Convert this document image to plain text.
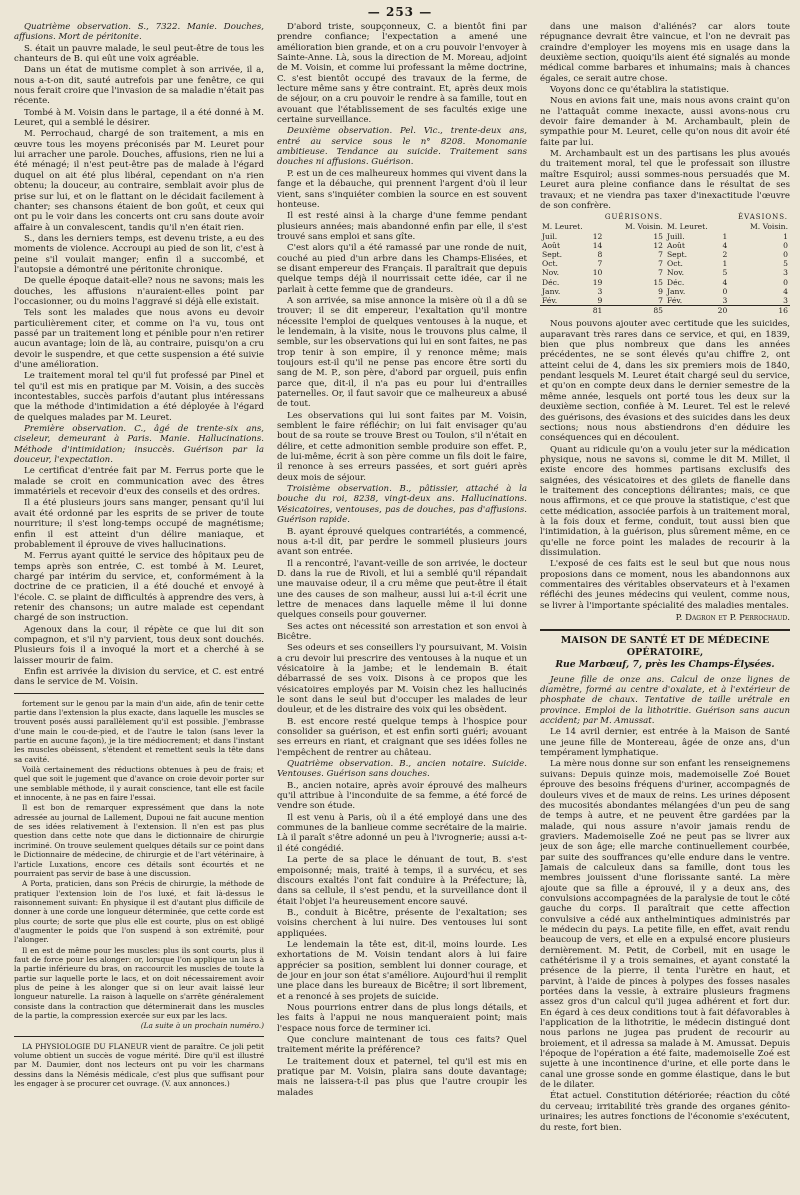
— 253 —

Quatrième observation. S., 7322. Manie. Douches, affusions. Mort de péritonite.

S. était un pauvre malade, le seul peut-être de tous les chanteurs de B. qui eût une voix agréable.

Dans un état de mutisme complet à son arrivée, il a, nous a-t-on dit, sauté autrefois par une fenêtre, ce qui nous ferait croire que l'invasion de sa maladie n'était pas récente.

Tombé à M. Voisin dans le partage, il a été donné à M. Leuret, qui a semblé le désirer.

M. Perrochaud, chargé de son traitement, a mis en œuvre tous les moyens préconisés par M. Leuret pour lui arracher une parole. Douches, affusions, rien ne lui a été ménagé; il n'est peut-être pas de malade à l'égard duquel on ait été plus libéral, cependant on n'a rien obtenu; la douceur, au contraire, semblait avoir plus de prise sur lui, et on le flattant on le décidait facilement à chanter; ses chansons étaient de bon goût, et ceux qui ont pu le voir dans les concerts ont cru sans doute avoir affaire à un convalescent, tandis qu'il n'en était rien.

S., dans les derniers temps, est devenu triste, a eu des moments de violence. Accroupi au pied de son lit, c'est à peine s'il voulait manger; enfin il a succombé, et l'autopsie a démontré une péritonite chronique.

De quelle époque datait-elle? nous ne savons; mais les douches, les affusions n'auraient-elles point par l'occasionner, ou du moins l'aggravé si déjà elle existait.

Tels sont les malades que nous avons eu devoir particulièrement citer, et comme on l'a vu, tous ont passé par un traitement long et pénible pour n'en retirer aucun avantage; loin de là, au contraire, puisqu'on a cru devoir le suspendre, et que cette suspension a été suivie d'une amélioration.

Le traitement moral tel qu'il fut professé par Pinel et tel qu'il est mis en pratique par M. Voisin, a des succès incontestables, succès parfois d'autant plus intéressans que la méthode d'intimidation a été déployée à l'égard de quelques malades par M. Leuret.

Première observation. C., âgé de trente-six ans, ciseleur, demeurant à Paris. Manie. Hallucinations. Méthode d'intimidation; insuccès. Guérison par la douceur, l'expectation.

Le certificat d'entrée fait par M. Ferrus porte que le malade se croit en communication avec des êtres immatériels et recevoir d'eux des conseils et des ordres.

Il a été plusieurs jours sans manger, pensant qu'il lui avait été ordonné par les esprits de se priver de toute nourriture; il s'est long-temps occupé de magnétisme; enfin il est atteint d'un délire maniaque, et probablement il éprouve de vives hallucinations.

M. Ferrus ayant quitté le service des hôpitaux peu de temps après son entrée, C. est tombé à M. Leuret, chargé par intérim du service, et, conformément à la doctrine de ce praticien, il a été douché et envoyé à l'école. C. se plaint de difficultés à apprendre des vers, à retenir des chansons; un autre malade est cependant chargé de son instruction.

Agenoux dans la cour, il répète ce que lui dit son compagnon, et s'il n'y parvient, tous deux sont douchés. Plusieurs fois il a invoqué la mort et a cherché à se laisser mourir de faim.

Enfin est arrivée la division du service, et C. est entré dans le service de M. Voisin.

fortement sur le genou par la main d'un aide, afin de tenir cette partie dans l'extension la plus exacte, dans laquelle les muscles se trouvent posés aussi parallèlement qu'il est possible. J'embrasse d'une main le cou-de-pied, et de l'autre le talon (sans lever la partie en aucune façon), je la tire médiocrement; et dans l'instant les muscles obéissent, s'étendent et remettent seuls la tête dans sa cavité.

Voilà certainement des réductions obtenues à peu de frais; et quel que soit le jugement que d'avance on croie devoir porter sur une semblable méthode, il y aurait conscience, tant elle est facile et innocente, à ne pas en faire l'essai.

Il est bon de remarquer expressément que dans la note adressée au journal de Lallement, Dupoui ne fait aucune mention de ses idées relativement à l'extension. Il n'en est pas plus question dans cette note que dans le dictionnaire de chirurgie incriminé. On trouve seulement quelques détails sur ce point dans le Dictionnaire de médecine, de chirurgie et de l'art vétérinaire, à l'article Luxations, encore ces détails sont écourtés et ne pourraient pas servir de base à une discussion.

A Porta, praticien, dans son Précis de chirurgie, la méthode de pratiquer l'extension loin de l'os luxé, et fait là-dessus le raisonnement suivant: En physique il est d'autant plus difficile de donner à une corde une longueur déterminée, que cette corde est plus courte; de sorte que plus elle est courte, plus on est obligé d'augmenter le poids que l'on suspend à son extrémité, pour l'alonger.

Il en est de même pour les muscles: plus ils sont courts, plus il faut de force pour les alonger: or, lorsque l'on applique un lacs à la partie inférieure du bras, on raccourcit les muscles de toute la partie sur laquelle porte le lacs, et on doit nécessairement avoir plus de peine à les alonger que si on leur avait laissé leur longueur naturelle. La raison à laquelle on s'arrête généralement consiste dans la contraction que déterminerait dans les muscles de la partie, la compression exercée sur eux par les lacs.

(La suite à un prochain numéro.)

LA PHYSIOLOGIE DU FLANEUR vient de paraître. Ce joli petit volume obtient un succès de vogue mérité. Dire qu'il est illustré par M. Daumier, dont nos lecteurs ont pu voir les charmans dessins dans la Némésis médicale, c'est plus que suffisant pour les engager à se procurer cet ouvrage. (V. aux annonces.)

D'abord triste, soupçonneux, C. a bientôt fini par prendre confiance; l'expectation a amené une amélioration bien grande, et on a cru pouvoir l'envoyer à Sainte-Anne. Là, sous la direction de M. Moreau, adjoint de M. Voisin, et comme lui professant la même doctrine, C. s'est bientôt occupé des travaux de la ferme, de lecture même sans y être contraint. Et, après deux mois de séjour, on a cru pouvoir le rendre à sa famille, tout en avouant que l'établissement de ses facultés exige une certaine surveillance.

Deuxième observation. Pel. Vic., trente-deux ans, entré au service sous le n° 8208. Monomanie ambitieuse. Tendance au suicide. Traitement sans douches ni affusions. Guérison.

P. est un de ces malheureux hommes qui vivent dans la fange et la débauche, qui prennent l'argent d'où il leur vient, sans s'inquiéter combien la source en est souvent honteuse.

Il est resté ainsi à la charge d'une femme pendant plusieurs années; mais abandonné enfin par elle, il s'est trouvé sans emploi et sans gîte.

C'est alors qu'il a été ramassé par une ronde de nuit, couché au pied d'un arbre dans les Champs-Elisées, et se disant empereur des Français. Il paraîtrait que depuis quelque temps déjà il nourrissait cette idée, car il ne parlait à cette femme que de grandeurs.

A son arrivée, sa mise annonce la misère où il a dû se trouver; il se dit empereur, l'exaltation qu'il montre nécessite l'emploi de quelques ventouses à la nuque, et le lendemain, à la visite, nous le trouvons plus calme, il semble, sur les observations qui lui en sont faites, ne pas trop tenir à son empire, il y renonce même; mais toujours est-il qu'il ne pense pas encore être sorti du sang de M. P., son père, d'abord par orgueil, puis enfin parce que, dit-il, il n'a pas eu pour lui d'entrailles paternelles. Or, il faut savoir que ce malheureux a abusé de tout.

Les observations qui lui sont faites par M. Voisin, semblent le faire réfléchir; on lui fait envisager qu'au bout de sa route se trouve Brest ou Toulon, s'il n'était en délire, et cette admonition semble produire son effet. P., de lui-même, écrit à son père comme un fils doit le faire, il renonce à ses erreurs passées, et sort guéri après deux mois de séjour.

Troisième observation. B., pâtissier, attaché à la bouche du roi, 8238, vingt-deux ans. Hallucinations. Vésicatoires, ventouses, pas de douches, pas d'affusions. Guérison rapide.

B. ayant éprouvé quelques contrariétés, a commencé, nous a-t-il dit, par perdre le sommeil plusieurs jours avant son entrée.

Il a rencontré, l'avant-veille de son arrivée, le docteur D. dans la rue de Rivoli, et lui a semblé qu'il répandait une mauvaise odeur, il a cru même que peut-être il était une des causes de son malheur, aussi lui a-t-il écrit une lettre de menaces dans laquelle même il lui donne quelques conseils pour gouverner.

Ses actes ont nécessité son arrestation et son envoi à Bicêtre.

Ses odeurs et ses conseillers l'y poursuivant, M. Voisin a cru devoir lui prescrire des ventouses à la nuque et un vésicatoire à la jambe; et le lendemain B. était débarrassé de ses voix. Disons à ce propos que les vésicatoires employés par M. Voisin chez les hallucinés le sont dans le seul but d'occuper les malades de leur douleur, et de les distraire des voix qui les obsèdent.

B. est encore resté quelque temps à l'hospice pour consolider sa guérison, et est enfin sorti guéri; avouant ses erreurs en riant, et craignant que ses idées folles ne l'empêchent de rentrer au château.

Quatrième observation. B., ancien notaire. Suicide. Ventouses. Guérison sans douches.

B., ancien notaire, après avoir éprouvé des malheurs qu'il attribue à l'inconduite de sa femme, a été forcé de vendre son étude.

Il est venu à Paris, où il a été employé dans une des communes de la banlieue comme secrétaire de la mairie. Là il paraît s'être adonné un peu à l'ivrognerie; aussi a-t-il été congédié.

La perte de sa place le dénuant de tout, B. s'est empoisonné; mais, traité à temps, il a survécu, et ses discours exaltés l'ont fait conduire à la Préfecture; là, dans sa cellule, il s'est pendu, et la surveillance dont il était l'objet l'a heureusement encore sauvé.

B., conduit à Bicêtre, présente de l'exaltation; ses voisins cherchent à lui nuire. Des ventouses lui sont appliquées.

Le lendemain la tête est, dit-il, moins lourde. Les exhortations de M. Voisin tendant alors à lui faire apprécier sa position, semblent lui donner courage, et de jour en jour son état s'améliore. Aujourd'hui il remplit une place dans les bureaux de Bicêtre; il sort librement, et a renoncé à ses projets de suicide.

Nous pourrions entrer dans de plus longs détails, et les faits à l'appui ne nous manqueraient point; mais l'espace nous force de terminer ici.

Que conclure maintenant de tous ces faits? Quel traitement mérite la préférence?

Le traitement doux et paternel, tel qu'il est mis en pratique par M. Voisin, plaira sans doute davantage; mais ne laissera-t-il pas plus que l'autre croupir les malades

dans une maison d'aliénés? car alors toute répugnance devrait être vaincue, et l'on ne devrait pas craindre d'employer les moyens mis en usage dans la deuxième section, quoiqu'ils aient été signalés au monde médical comme barbares et inhumains; mais à chances égales, ce serait autre chose.

Voyons donc ce qu'établira la statistique.

Nous en avions fait une, mais nous avons craint qu'on ne l'attaquât comme inexacte, aussi avons-nous cru devoir faire demander à M. Archambault, plein de sympathie pour M. Leuret, celle qu'on nous dit avoir été faite par lui.

M. Archambault est un des partisans les plus avoués du traitement moral, tel que le professait son illustre maître Esquirol; aussi sommes-nous persuadés que M. Leuret aura pleine confiance dans le résultat de ses travaux; et ne viendra pas taxer d'inexactitude l'œuvre de son confrère.

GUÉRISONS.			ÉVASIONS.		
M. Leuret.		M. Voisin.	M. Leuret.		M. Voisin.
Juil.	12	15	Juill.	1	1
Août	14	12	Août	4	0
Sept.	8	7	Sept.	2	0
Oct.	7	7	Oct.	1	5
Nov.	10	7	Nov.	5	3
Déc.	19	15	Déc.	4	0
Janv.	3	9	Janv.	0	4
Fév.	9	7	Fév.	3	3
	81	85		20	16

Nous pouvons ajouter avec certitude que les suicides, auparavant très rares dans ce service, et qui, en 1839, bien que plus nombreux que dans les années précédentes, ne se sont élevés qu'au chiffre 2, ont atteint celui de 4, dans les six premiers mois de 1840, pendant lesquels M. Leuret était chargé seul du service, et qu'on en compte deux dans le dernier semestre de la même année, lesquels ont porté tous les deux sur la deuxième section, confiée à M. Leuret. Tel est le relevé des guérisons, des évasions et des suicides dans les deux sections; nous nous abstiendrons d'en déduire les conséquences qui en découlent.

Quant au ridicule qu'on a voulu jeter sur la médication physique, nous ne savons si, comme le dit M. Millet, il existe encore des hommes partisans exclusifs des saignées, des vésicatoires et des gilets de flanelle dans le traitement des conceptions délirantes; mais, ce que nous affirmons, et ce que prouve la statistique, c'est que cette médication, associée parfois à un traitement moral, à la fois doux et ferme, conduit, tout aussi bien que l'intimidation, à la guérison, plus sûrement même, en ce qu'elle ne force point les malades de recourir à la dissimulation.

L'exposé de ces faits est le seul but que nous nous proposions dans ce moment, nous les abandonnons aux commentaires des véritables observateurs et à l'examen réfléchi des jeunes médecins qui veulent, comme nous, se livrer à l'importante spécialité des maladies mentales.

P. Dagron et P. Perrochaud.

MAISON DE SANTÉ ET DE MÉDECINE OPÉRATOIRE,
Rue Marbœuf, 7, près les Champs-Élysées.

Jeune fille de onze ans. Calcul de onze lignes de diamètre, formé au centre d'oxalate, et à l'extérieur de phosphate de chaux. Tentative de taille urétrale en province. Emploi de la lithotritie. Guérison sans aucun accident; par M. Amussat.

Le 14 avril dernier, est entrée à la Maison de Santé une jeune fille de Montereau, âgée de onze ans, d'un tempérament lymphatique.

La mère nous donne sur son enfant les renseignemens suivans: Depuis quinze mois, mademoiselle Zoé Bouet éprouve des besoins fréquens d'uriner, accompagnés de douleurs vives et de maux de reins. Les urines déposent des mucosités abondantes mélangées d'un peu de sang de temps à autre, et ne peuvent être gardées par la malade, qui nous assure n'avoir jamais rendu de graviers. Mademoiselle Zoé ne peut pas se livrer aux jeux de son âge; elle marche continuellement courbée, par suite des souffrances qu'elle endure dans le ventre. Jamais de calculeux dans sa famille, dont tous les membres jouissent d'une florissante santé. La mère ajoute que sa fille a éprouvé, il y a deux ans, des convulsions accompagnées de la paralysie de tout le côté gauche du corps. Il paraîtrait que cette affection convulsive a cédé aux anthelmintiques administrés par le médecin du pays. La petite fille, en effet, avait rendu beaucoup de vers, et elle en a expulsé encore plusieurs dernièrement. M. Petit, de Corbeil, mit en usage le cathétérisme il y a trois semaines, et ayant constaté la présence de la pierre, il tenta l'urètre en haut, et parvint, à l'aide de pinces à polypes des fosses nasales portées dans la vessie, à extraire plusieurs fragmens assez gros d'un calcul qu'il jugea adhérent et fort dur. En égard à ces deux conditions tout à fait défavorables à l'application de la lithotritie, le médecin distingué dont nous parlons ne jugea pas prudent de recourir au broiement, et il adressa sa malade à M. Amussat. Depuis l'époque de l'opération a été faite, mademoiselle Zoé est sujette à une incontinence d'urine, et elle porte dans le canal une grosse sonde en gomme élastique, dans le but de le dilater.

État actuel. Constitution détériorée; réaction du côté du cerveau; irritabilité très grande des organes génito-urinaires; les autres fonctions de l'économie s'exécutent, du reste, fort bien.
